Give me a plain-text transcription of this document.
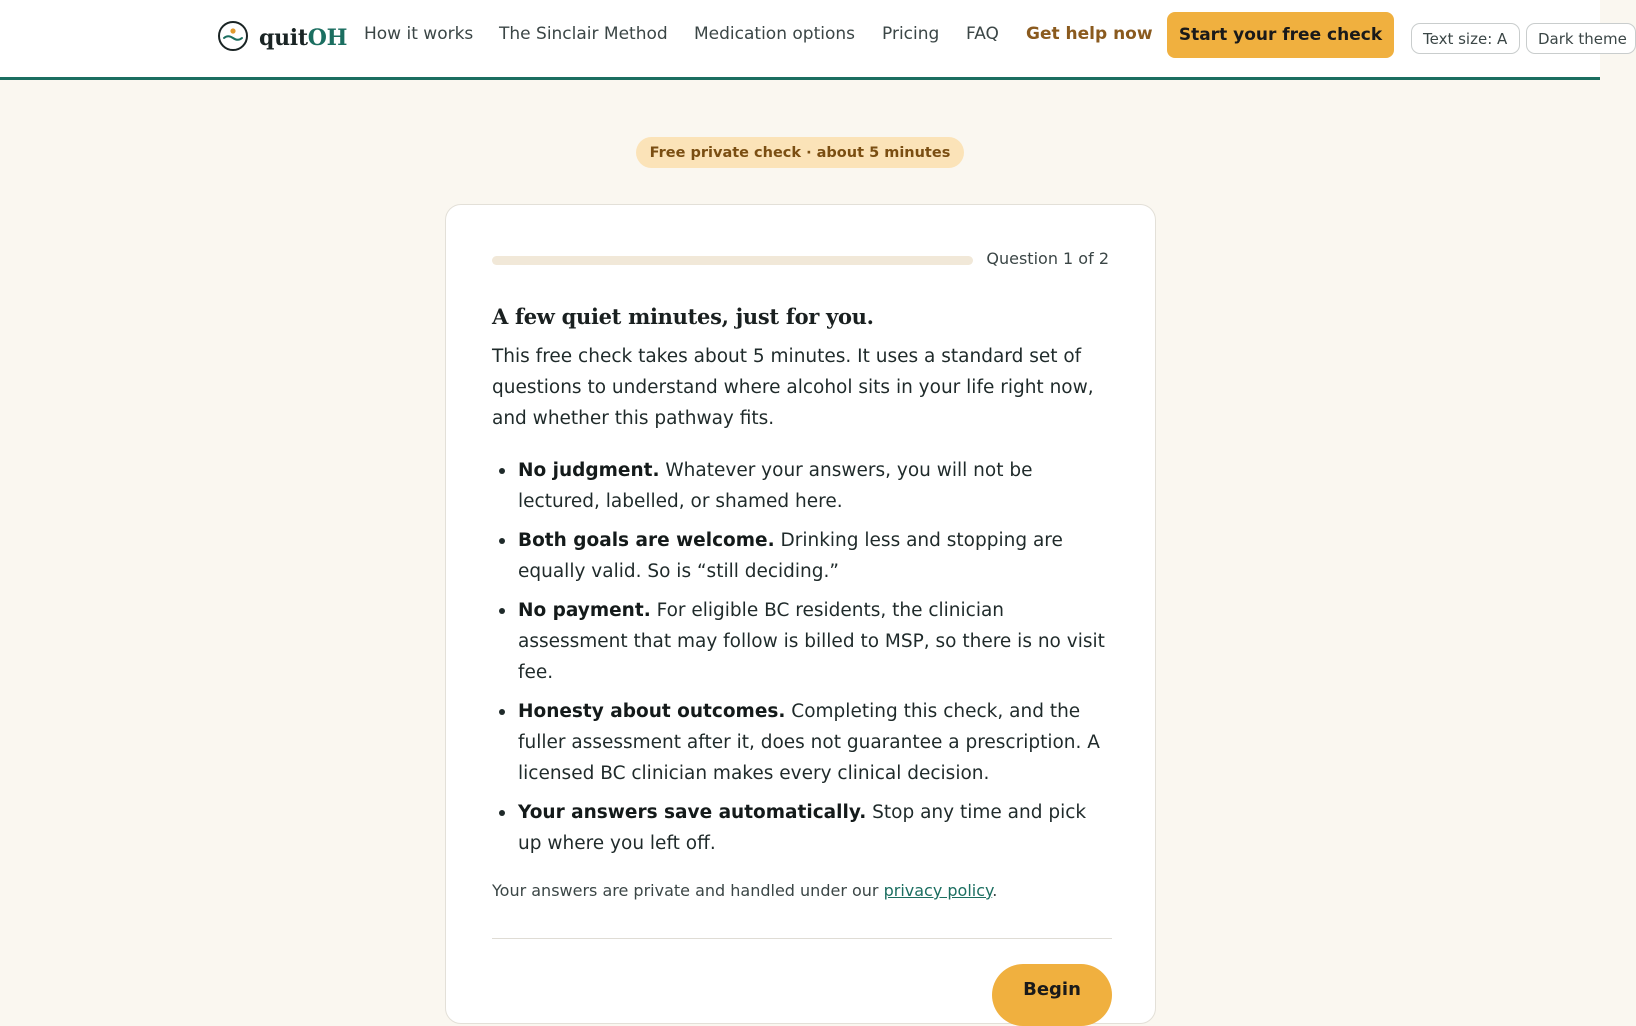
quitOH How it works The Sinclair Method Medication options Pricing FAQ Get help now	Start your free check	Text size: A	Dark theme
Free private check · about 5 minutes
Question 1 of 2
A few quiet minutes, just for you.

This free check takes about 5 minutes. It uses a standard set of questions to understand where alcohol sits in your life right now, and whether this pathway fits.

No judgment. Whatever your answers, you will not be lectured, labelled, or shamed here.
Both goals are welcome. Drinking less and stopping are equally valid. So is “still deciding.”
No payment. For eligible BC residents, the clinician assessment that may follow is billed to MSP, so there is no visit fee.
Honesty about outcomes. Completing this check, and the fuller assessment after it, does not guarantee a prescription. A licensed BC clinician makes every clinical decision.
Your answers save automatically. Stop any time and pick up where you left off.

Your answers are private and handled under our privacy policy.

Begin
